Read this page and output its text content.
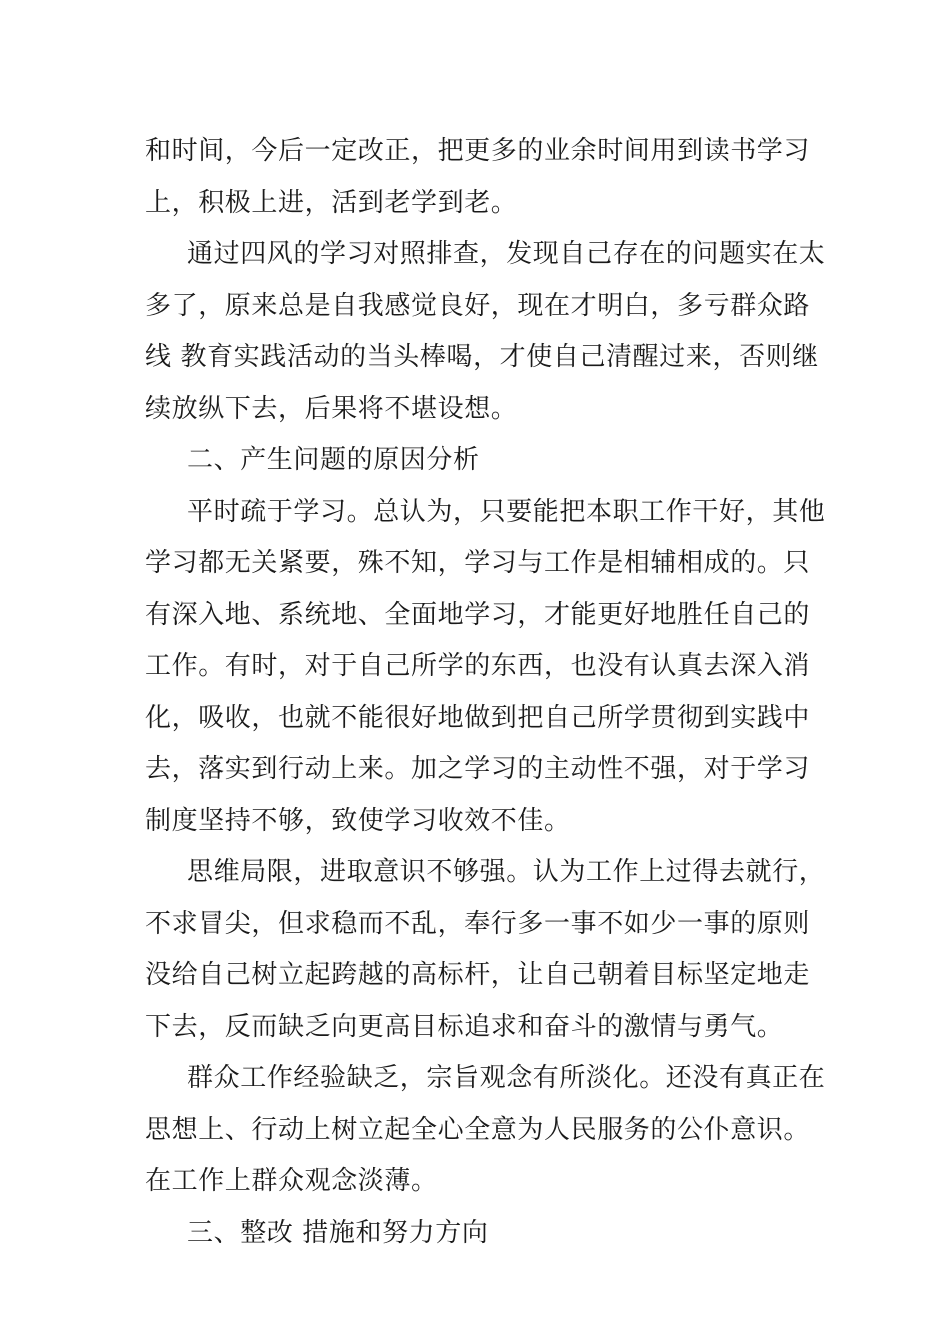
和时间，今后一定改正，把更多的业余时间用到读书学习
上，积极上进，活到老学到老。

通过四风的学习对照排查，发现自己存在的问题实在太
多了，原来总是自我感觉良好，现在才明白，多亏群众路
线 教育实践活动的当头棒喝，才使自己清醒过来，否则继
续放纵下去，后果将不堪设想。

二、产生问题的原因分析

平时疏于学习。总认为，只要能把本职工作干好，其他
学习都无关紧要，殊不知，学习与工作是相辅相成的。只
有深入地、系统地、全面地学习，才能更好地胜任自己的
工作。有时，对于自己所学的东西，也没有认真去深入消
化，吸收，也就不能很好地做到把自己所学贯彻到实践中
去，落实到行动上来。加之学习的主动性不强，对于学习
制度坚持不够，致使学习收效不佳。

思维局限，进取意识不够强。认为工作上过得去就行，
不求冒尖，但求稳而不乱，奉行多一事不如少一事的原则
没给自己树立起跨越的高标杆，让自己朝着目标坚定地走
下去，反而缺乏向更高目标追求和奋斗的激情与勇气。

群众工作经验缺乏，宗旨观念有所淡化。还没有真正在
思想上、行动上树立起全心全意为人民服务的公仆意识。
在工作上群众观念淡薄。

三、整改 措施和努力方向
